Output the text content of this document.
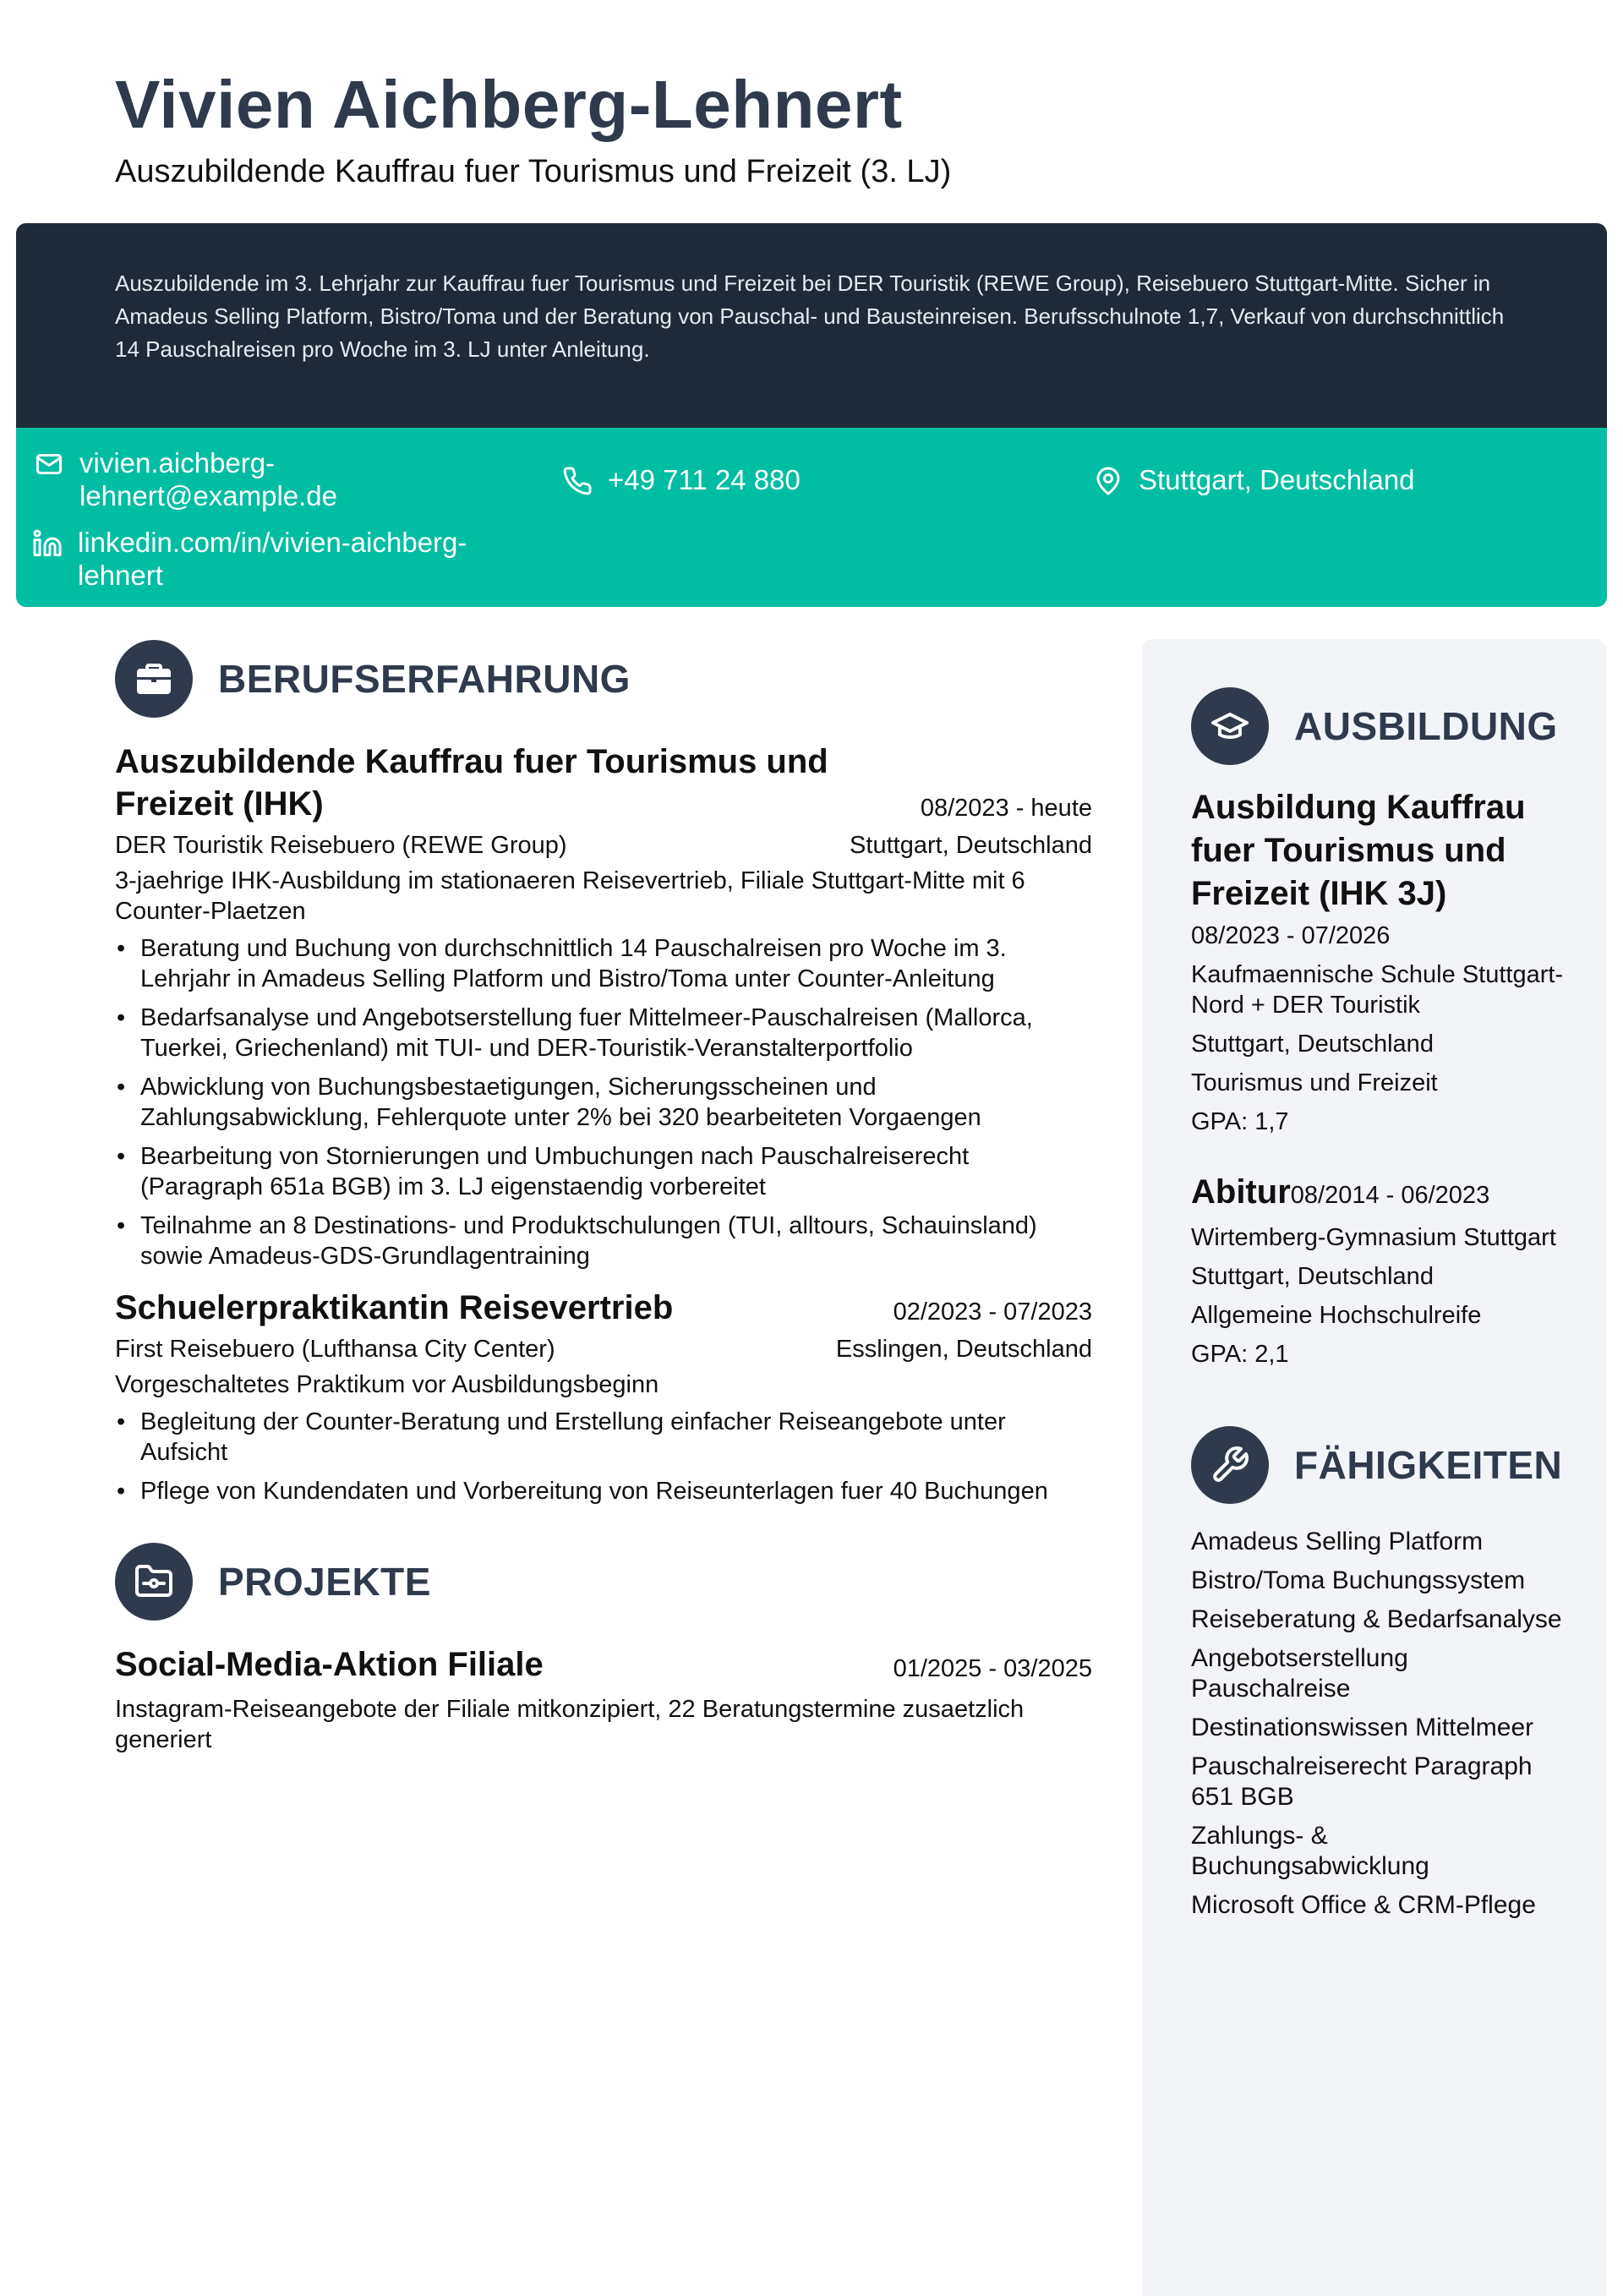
Vivien Aichberg-Lehnert
Auszubildende Kauffrau fuer Tourismus und Freizeit (3. LJ)
Auszubildende im 3. Lehrjahr zur Kauffrau fuer Tourismus und Freizeit bei DER Touristik (REWE Group), Reisebuero Stuttgart-Mitte. Sicher in Amadeus Selling Platform, Bistro/Toma und der Beratung von Pauschal- und Bausteinreisen. Berufsschulnote 1,7, Verkauf von durchschnittlich 14 Pauschalreisen pro Woche im 3. LJ unter Anleitung.
vivien.aichberg-lehnert@example.de
+49 711 24 880	Stuttgart, Deutschland
linkedin.com/in/vivien-aichberg-lehnert
BERUFSERFAHRUNG
Auszubildende Kauffrau fuer Tourismus und Freizeit (IHK)	08/2023 - heute
DER Touristik Reisebuero (REWE Group)	Stuttgart, Deutschland
3-jaehrige IHK-Ausbildung im stationaeren Reisevertrieb, Filiale Stuttgart-Mitte mit 6 Counter-Plaetzen
• Beratung und Buchung von durchschnittlich 14 Pauschalreisen pro Woche im 3. Lehrjahr in Amadeus Selling Platform und Bistro/Toma unter Counter-Anleitung
• Bedarfsanalyse und Angebotserstellung fuer Mittelmeer-Pauschalreisen (Mallorca, Tuerkei, Griechenland) mit TUI- und DER-Touristik-Veranstalterportfolio
• Abwicklung von Buchungsbestaetigungen, Sicherungsscheinen und Zahlungsabwicklung, Fehlerquote unter 2% bei 320 bearbeiteten Vorgaengen
• Bearbeitung von Stornierungen und Umbuchungen nach Pauschalreiserecht (Paragraph 651a BGB) im 3. LJ eigenstaendig vorbereitet
• Teilnahme an 8 Destinations- und Produktschulungen (TUI, alltours, Schauinsland) sowie Amadeus-GDS-Grundlagentraining
Schuelerpraktikantin Reisevertrieb	02/2023 - 07/2023
First Reisebuero (Lufthansa City Center)	Esslingen, Deutschland
Vorgeschaltetes Praktikum vor Ausbildungsbeginn
• Begleitung der Counter-Beratung und Erstellung einfacher Reiseangebote unter Aufsicht
• Pflege von Kundendaten und Vorbereitung von Reiseunterlagen fuer 40 Buchungen
PROJEKTE
Social-Media-Aktion Filiale	01/2025 - 03/2025
Instagram-Reiseangebote der Filiale mitkonzipiert, 22 Beratungstermine zusaetzlich generiert
AUSBILDUNG
Ausbildung Kauffrau fuer Tourismus und Freizeit (IHK 3J)
08/2023 - 07/2026
Kaufmaennische Schule Stuttgart-Nord + DER Touristik
Stuttgart, Deutschland
Tourismus und Freizeit
GPA: 1,7
Abitur 08/2014 - 06/2023
Wirtemberg-Gymnasium Stuttgart
Stuttgart, Deutschland
Allgemeine Hochschulreife
GPA: 2,1
FÄHIGKEITEN
Amadeus Selling Platform
Bistro/Toma Buchungssystem
Reiseberatung & Bedarfsanalyse
Angebotserstellung Pauschalreise
Destinationswissen Mittelmeer
Pauschalreiserecht Paragraph 651 BGB
Zahlungs- & Buchungsabwicklung
Microsoft Office & CRM-Pflege
